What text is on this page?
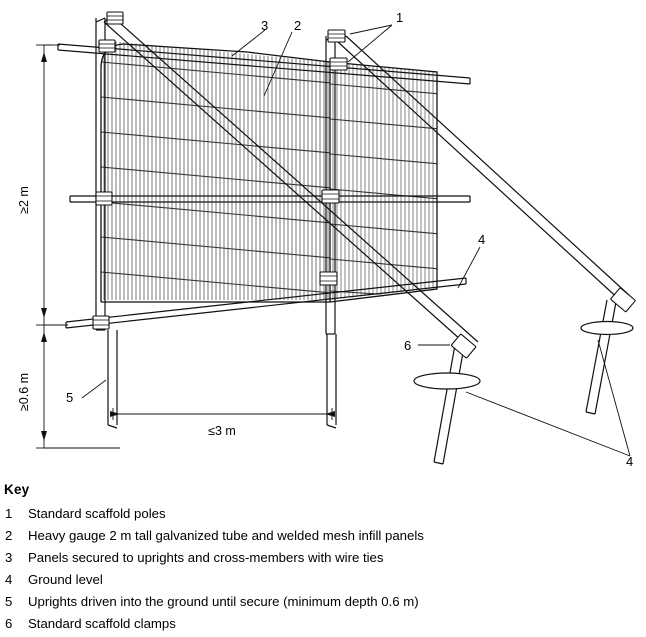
1
2
3
4
4
5
6
≥2 m
≥0.6 m
≤3 m
Key
1	Standard scaffold poles
2	Heavy gauge 2 m tall galvanized tube and welded mesh infill panels
3	Panels secured to uprights and cross-members with wire ties
4	Ground level
5	Uprights driven into the ground until secure (minimum depth 0.6 m)
6	Standard scaffold clamps
